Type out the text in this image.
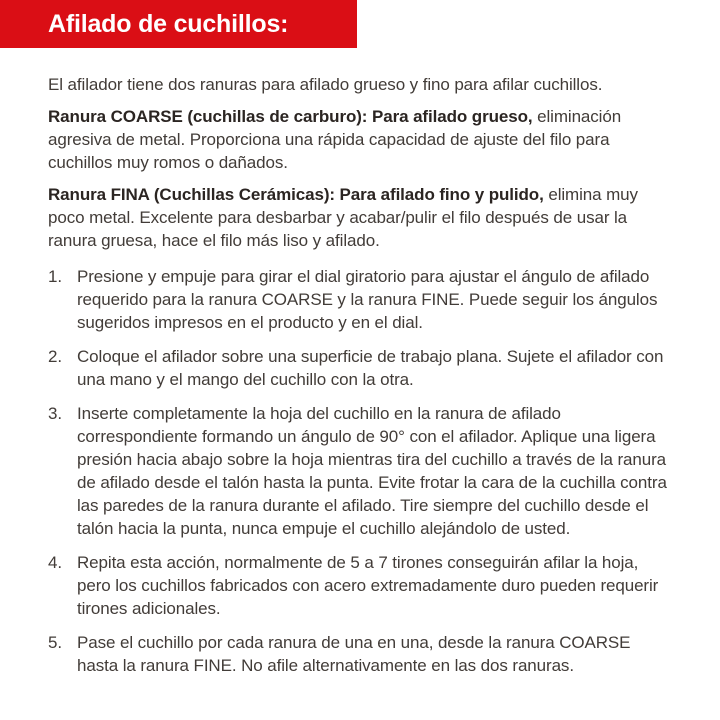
Afilado de cuchillos:

El afilador tiene dos ranuras para afilado grueso y fino para afilar cuchillos.

Ranura COARSE (cuchillas de carburo): Para afilado grueso, eliminación agresiva de metal. Proporciona una rápida capacidad de ajuste del filo para cuchillos muy romos o dañados.

Ranura FINA (Cuchillas Cerámicas): Para afilado fino y pulido, elimina muy poco metal. Excelente para desbarbar y acabar/pulir el filo después de usar la ranura gruesa, hace el filo más liso y afilado.

1. Presione y empuje para girar el dial giratorio para ajustar el ángulo de afilado requerido para la ranura COARSE y la ranura FINE. Puede seguir los ángulos sugeridos impresos en el producto y en el dial.
2. Coloque el afilador sobre una superficie de trabajo plana. Sujete el afilador con una mano y el mango del cuchillo con la otra.
3. Inserte completamente la hoja del cuchillo en la ranura de afilado correspondiente formando un ángulo de 90° con el afilador. Aplique una ligera presión hacia abajo sobre la hoja mientras tira del cuchillo a través de la ranura de afilado desde el talón hasta la punta. Evite frotar la cara de la cuchilla contra las paredes de la ranura durante el afilado. Tire siempre del cuchillo desde el talón hacia la punta, nunca empuje el cuchillo alejándolo de usted.
4. Repita esta acción, normalmente de 5 a 7 tirones conseguirán afilar la hoja, pero los cuchillos fabricados con acero extremadamente duro pueden requerir tirones adicionales.
5. Pase el cuchillo por cada ranura de una en una, desde la ranura COARSE hasta la ranura FINE. No afile alternativamente en las dos ranuras.
